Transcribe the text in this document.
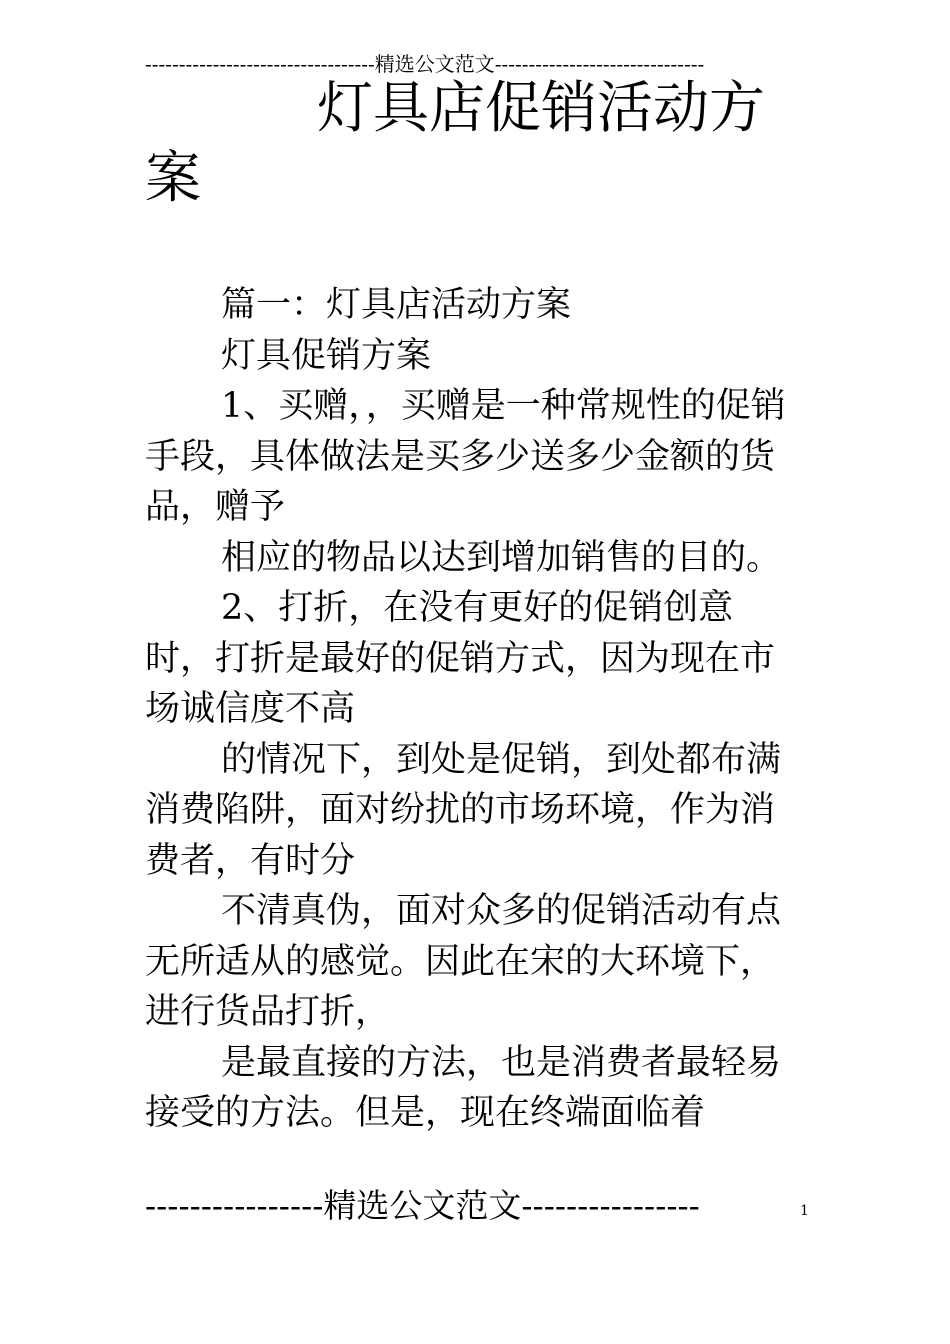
----------------------------------精选公文范文-------------------------------
灯具店促销活动方案

篇一：灯具店活动方案

灯具促销方案

1、买赠，，买赠是一种常规性的促销手段，具体做法是买多少送多少金额的货品，赠予

相应的物品以达到增加销售的目的。

2、打折，在没有更好的促销创意时，打折是最好的促销方式，因为现在市场诚信度不高

的情况下，到处是促销，到处都布满消费陷阱，面对纷扰的市场环境，作为消费者，有时分

不清真伪，面对众多的促销活动有点无所适从的感觉。因此在宋的大环境下，进行货品打折，

是最直接的方法，也是消费者最轻易接受的方法。但是，现在终端面临着

----------------精选公文范文----------------	1
